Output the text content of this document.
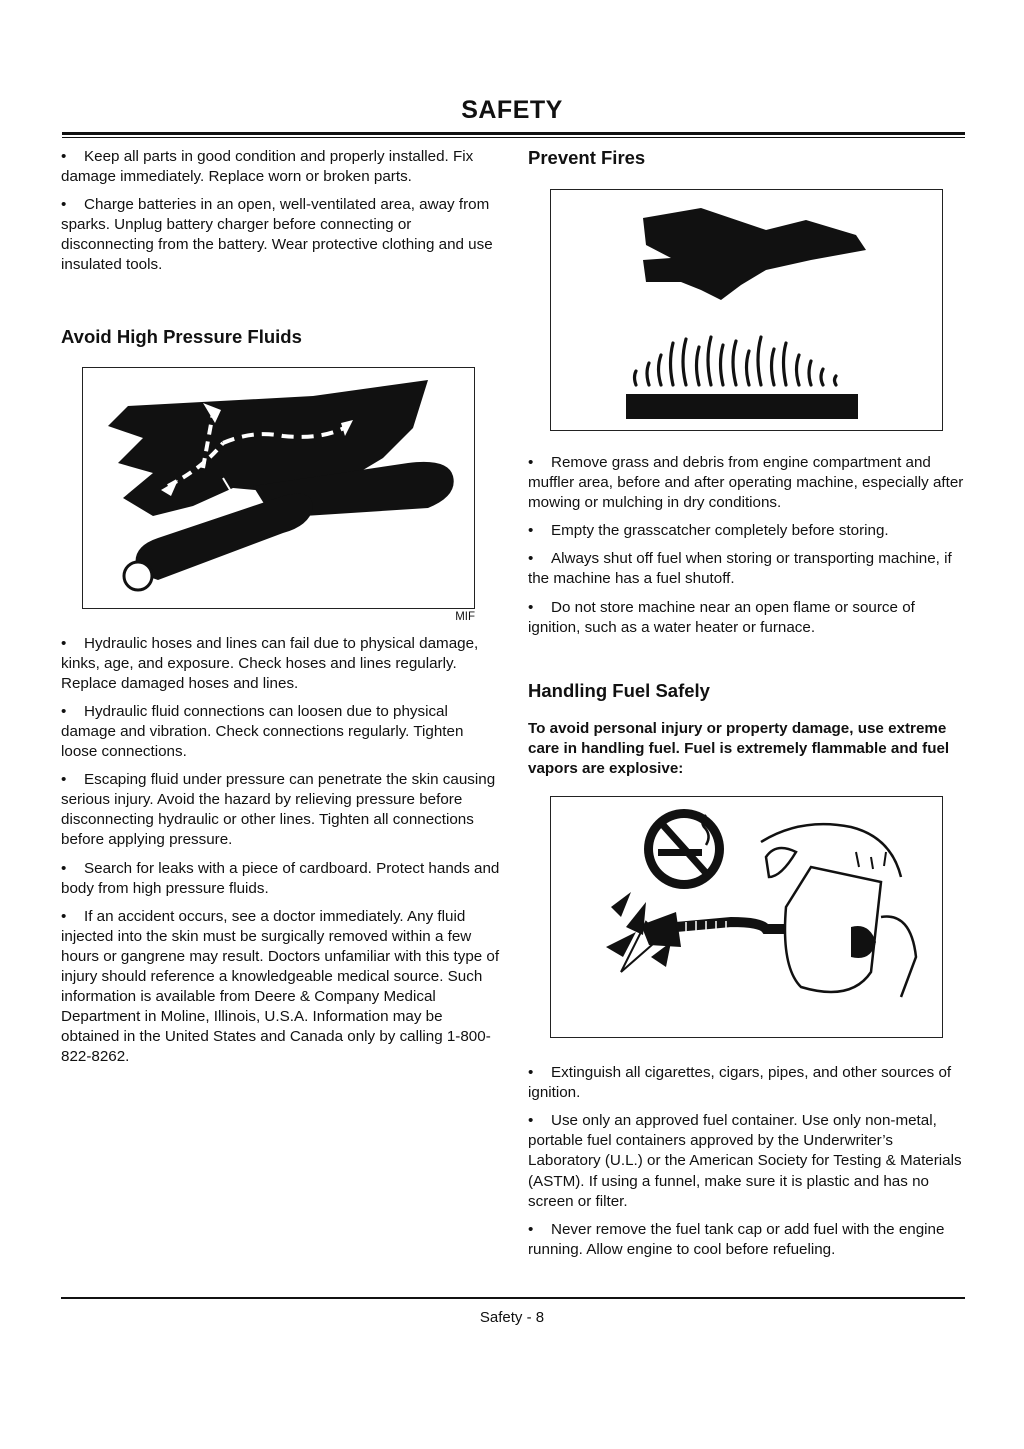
SAFETY

• Keep all parts in good condition and properly installed. Fix damage immediately. Replace worn or broken parts.

• Charge batteries in an open, well-ventilated area, away from sparks. Unplug battery charger before connecting or disconnecting from the battery. Wear protective clothing and use insulated tools.

Avoid High Pressure Fluids
MIF

• Hydraulic hoses and lines can fail due to physical damage, kinks, age, and exposure. Check hoses and lines regularly. Replace damaged hoses and lines.

• Hydraulic fluid connections can loosen due to physical damage and vibration. Check connections regularly. Tighten loose connections.

• Escaping fluid under pressure can penetrate the skin causing serious injury. Avoid the hazard by relieving pressure before disconnecting hydraulic or other lines. Tighten all connections before applying pressure.

• Search for leaks with a piece of cardboard. Protect hands and body from high pressure fluids.

• If an accident occurs, see a doctor immediately. Any fluid injected into the skin must be surgically removed within a few hours or gangrene may result. Doctors unfamiliar with this type of injury should reference a knowledgeable medical source. Such information is available from Deere & Company Medical Department in Moline, Illinois, U.S.A. Information may be obtained in the United States and Canada only by calling 1-800-822-8262.

Prevent Fires

• Remove grass and debris from engine compartment and muffler area, before and after operating machine, especially after mowing or mulching in dry conditions.

• Empty the grasscatcher completely before storing.

• Always shut off fuel when storing or transporting machine, if the machine has a fuel shutoff.

• Do not store machine near an open flame or source of ignition, such as a water heater or furnace.

Handling Fuel Safely

To avoid personal injury or property damage, use extreme care in handling fuel. Fuel is extremely flammable and fuel vapors are explosive:

• Extinguish all cigarettes, cigars, pipes, and other sources of ignition.

• Use only an approved fuel container. Use only non-metal, portable fuel containers approved by the Underwriter’s Laboratory (U.L.) or the American Society for Testing & Materials (ASTM). If using a funnel, make sure it is plastic and has no screen or filter.

• Never remove the fuel tank cap or add fuel with the engine running. Allow engine to cool before refueling.

Safety - 8
